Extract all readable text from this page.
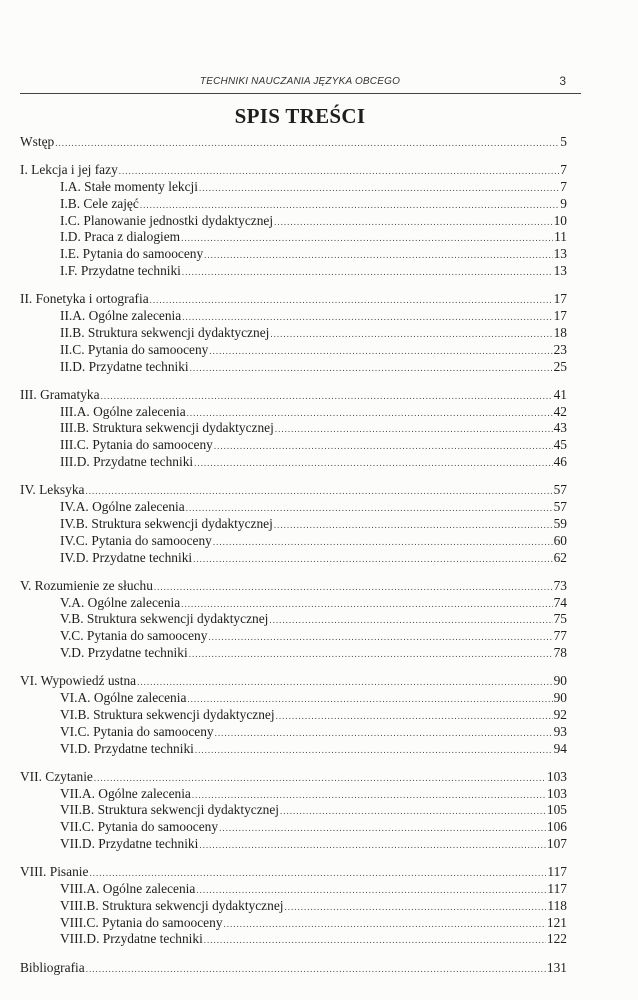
TECHNIKI NAUCZANIA JĘZYKA OBCEGO	3
SPIS TREŚCI
Wstęp .....	5
I. Lekcja i jej fazy .....	7
I.A. Stałe momenty lekcji .....	7
I.B. Cele zajęć .....	9
I.C. Planowanie jednostki dydaktycznej .....	10
I.D. Praca z dialogiem .....	11
I.E. Pytania do samooceny .....	13
I.F. Przydatne techniki .....	13
II. Fonetyka i ortografia .....	17
II.A. Ogólne zalecenia .....	17
II.B. Struktura sekwencji dydaktycznej .....	18
II.C. Pytania do samooceny .....	23
II.D. Przydatne techniki .....	25
III. Gramatyka .....	41
III.A. Ogólne zalecenia .....	42
III.B. Struktura sekwencji dydaktycznej .....	43
III.C. Pytania do samooceny .....	45
III.D. Przydatne techniki .....	46
IV. Leksyka .....	57
IV.A. Ogólne zalecenia .....	57
IV.B. Struktura sekwencji dydaktycznej .....	59
IV.C. Pytania do samooceny .....	60
IV.D. Przydatne techniki .....	62
V. Rozumienie ze słuchu .....	73
V.A. Ogólne zalecenia .....	74
V.B. Struktura sekwencji dydaktycznej .....	75
V.C. Pytania do samooceny .....	77
V.D. Przydatne techniki .....	78
VI. Wypowiedź ustna .....	90
VI.A. Ogólne zalecenia .....	90
VI.B. Struktura sekwencji dydaktycznej .....	92
VI.C. Pytania do samooceny .....	93
VI.D. Przydatne techniki .....	94
VII. Czytanie .....	103
VII.A. Ogólne zalecenia .....	103
VII.B. Struktura sekwencji dydaktycznej .....	105
VII.C. Pytania do samooceny .....	106
VII.D. Przydatne techniki .....	107
VIII. Pisanie .....	117
VIII.A. Ogólne zalecenia .....	117
VIII.B. Struktura sekwencji dydaktycznej .....	118
VIII.C. Pytania do samooceny .....	121
VIII.D. Przydatne techniki .....	122
Bibliografia .....	131
